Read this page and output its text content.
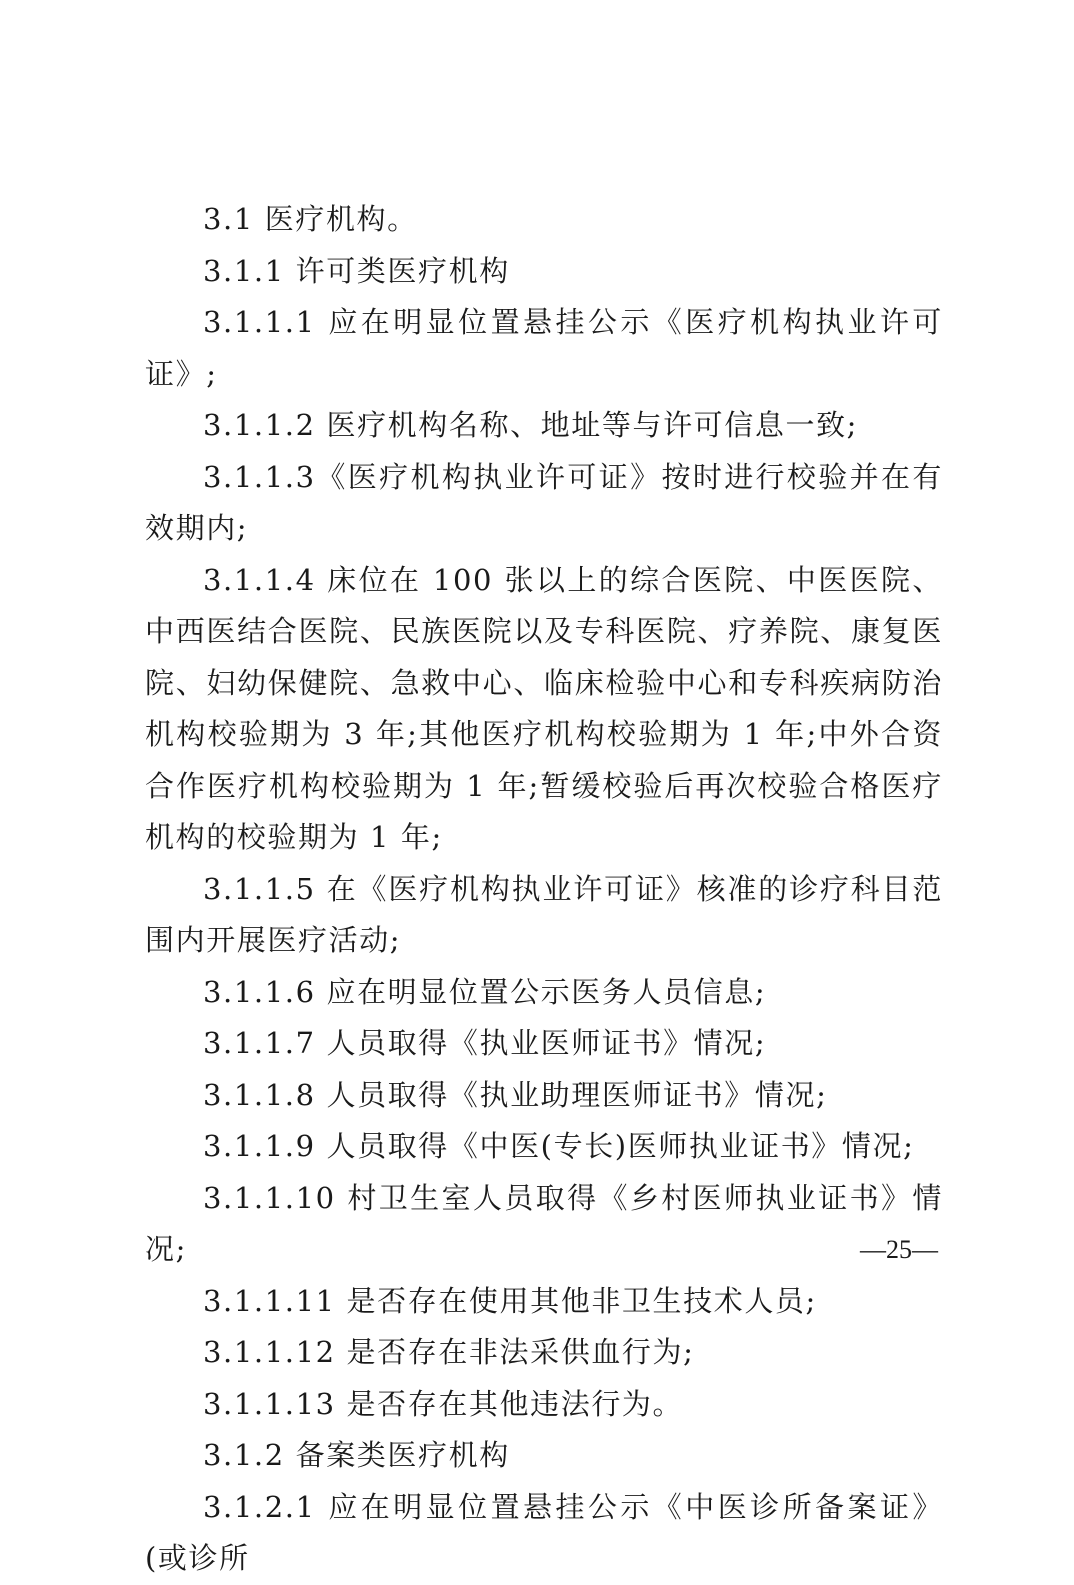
3.1 医疗机构。

3.1.1 许可类医疗机构

3.1.1.1 应在明显位置悬挂公示《医疗机构执业许可证》;

3.1.1.2 医疗机构名称、地址等与许可信息一致;

3.1.1.3《医疗机构执业许可证》按时进行校验并在有效期内;

3.1.1.4 床位在 100 张以上的综合医院、中医医院、中西医结合医院、民族医院以及专科医院、疗养院、康复医院、妇幼保健院、急救中心、临床检验中心和专科疾病防治机构校验期为 3 年;其他医疗机构校验期为 1 年;中外合资合作医疗机构校验期为 1 年;暂缓校验后再次校验合格医疗机构的校验期为 1 年;

3.1.1.5 在《医疗机构执业许可证》核准的诊疗科目范围内开展医疗活动;

3.1.1.6 应在明显位置公示医务人员信息;

3.1.1.7 人员取得《执业医师证书》情况;

3.1.1.8 人员取得《执业助理医师证书》情况;

3.1.1.9 人员取得《中医(专长)医师执业证书》情况;

3.1.1.10 村卫生室人员取得《乡村医师执业证书》情况;

3.1.1.11 是否存在使用其他非卫生技术人员;

3.1.1.12 是否存在非法采供血行为;

3.1.1.13 是否存在其他违法行为。

3.1.2 备案类医疗机构

3.1.2.1 应在明显位置悬挂公示《中医诊所备案证》(或诊所

—25—
